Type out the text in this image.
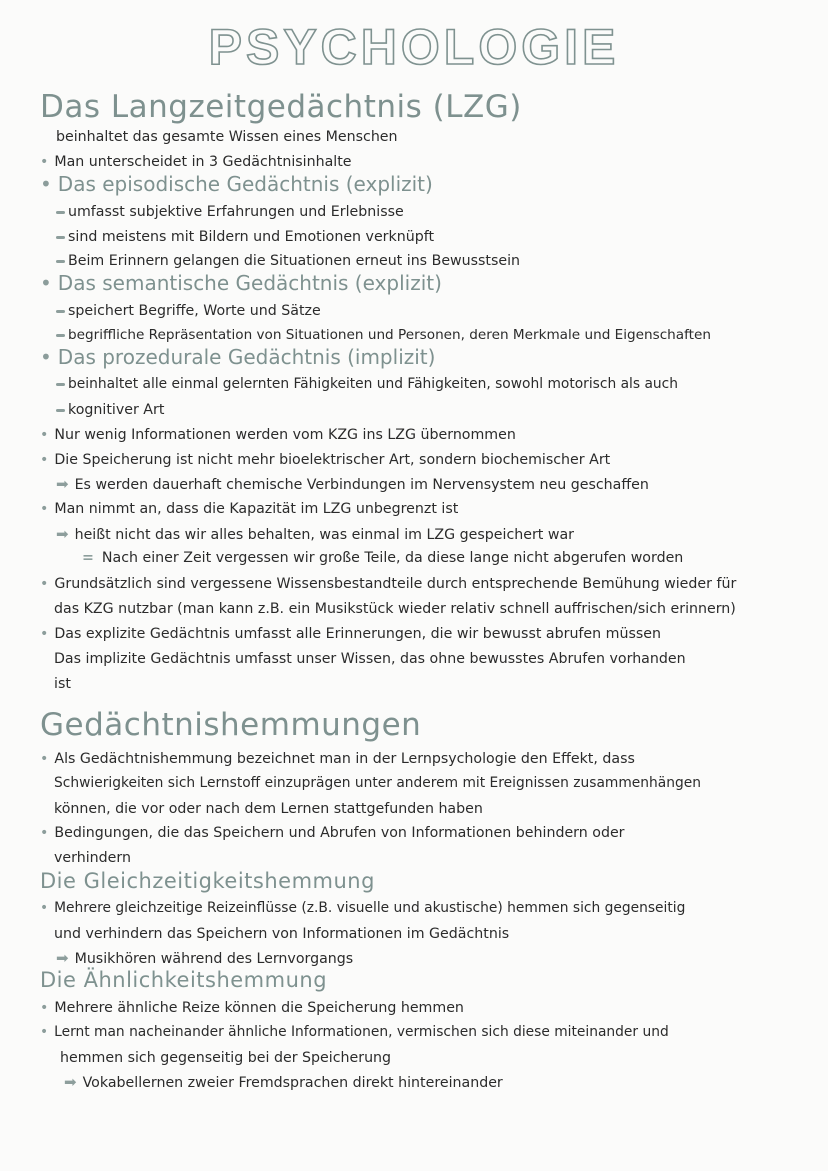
PSYCHOLOGIE
Das Langzeitgedächtnis (LZG)
beinhaltet das gesamte Wissen eines Menschen
• Man unterscheidet in 3 Gedächtnisinhalte
• Das episodische Gedächtnis (explizit)
umfasst subjektive Erfahrungen und Erlebnisse
sind meistens mit Bildern und Emotionen verknüpft
Beim Erinnern gelangen die Situationen erneut ins Bewusstsein
• Das semantische Gedächtnis (explizit)
speichert Begriffe, Worte und Sätze
begriffliche Repräsentation von Situationen und Personen, deren Merkmale und Eigenschaften
• Das prozedurale Gedächtnis (implizit)
beinhaltet alle einmal gelernten Fähigkeiten und Fähigkeiten, sowohl motorisch als auch
kognitiver Art
• Nur wenig Informationen werden vom KZG ins LZG übernommen
• Die Speicherung ist nicht mehr bioelektrischer Art, sondern biochemischer Art
➡ Es werden dauerhaft chemische Verbindungen im Nervensystem neu geschaffen
• Man nimmt an, dass die Kapazität im LZG unbegrenzt ist
➡ heißt nicht das wir alles behalten, was einmal im LZG gespeichert war
= Nach einer Zeit vergessen wir große Teile, da diese lange nicht abgerufen worden
• Grundsätzlich sind vergessene Wissensbestandteile durch entsprechende Bemühung wieder für
das KZG nutzbar (man kann z.B. ein Musikstück wieder relativ schnell auffrischen/sich erinnern)
• Das explizite Gedächtnis umfasst alle Erinnerungen, die wir bewusst abrufen müssen
Das implizite Gedächtnis umfasst unser Wissen, das ohne bewusstes Abrufen vorhanden
ist
Gedächtnishemmungen
• Als Gedächtnishemmung bezeichnet man in der Lernpsychologie den Effekt, dass
Schwierigkeiten sich Lernstoff einzuprägen unter anderem mit Ereignissen zusammenhängen
können, die vor oder nach dem Lernen stattgefunden haben
• Bedingungen, die das Speichern und Abrufen von Informationen behindern oder
verhindern
Die Gleichzeitigkeitshemmung
• Mehrere gleichzeitige Reizeinflüsse (z.B. visuelle und akustische) hemmen sich gegenseitig
und verhindern das Speichern von Informationen im Gedächtnis
➡ Musikhören während des Lernvorgangs
Die Ähnlichkeitshemmung
• Mehrere ähnliche Reize können die Speicherung hemmen
• Lernt man nacheinander ähnliche Informationen, vermischen sich diese miteinander und
hemmen sich gegenseitig bei der Speicherung
➡ Vokabellernen zweier Fremdsprachen direkt hintereinander
